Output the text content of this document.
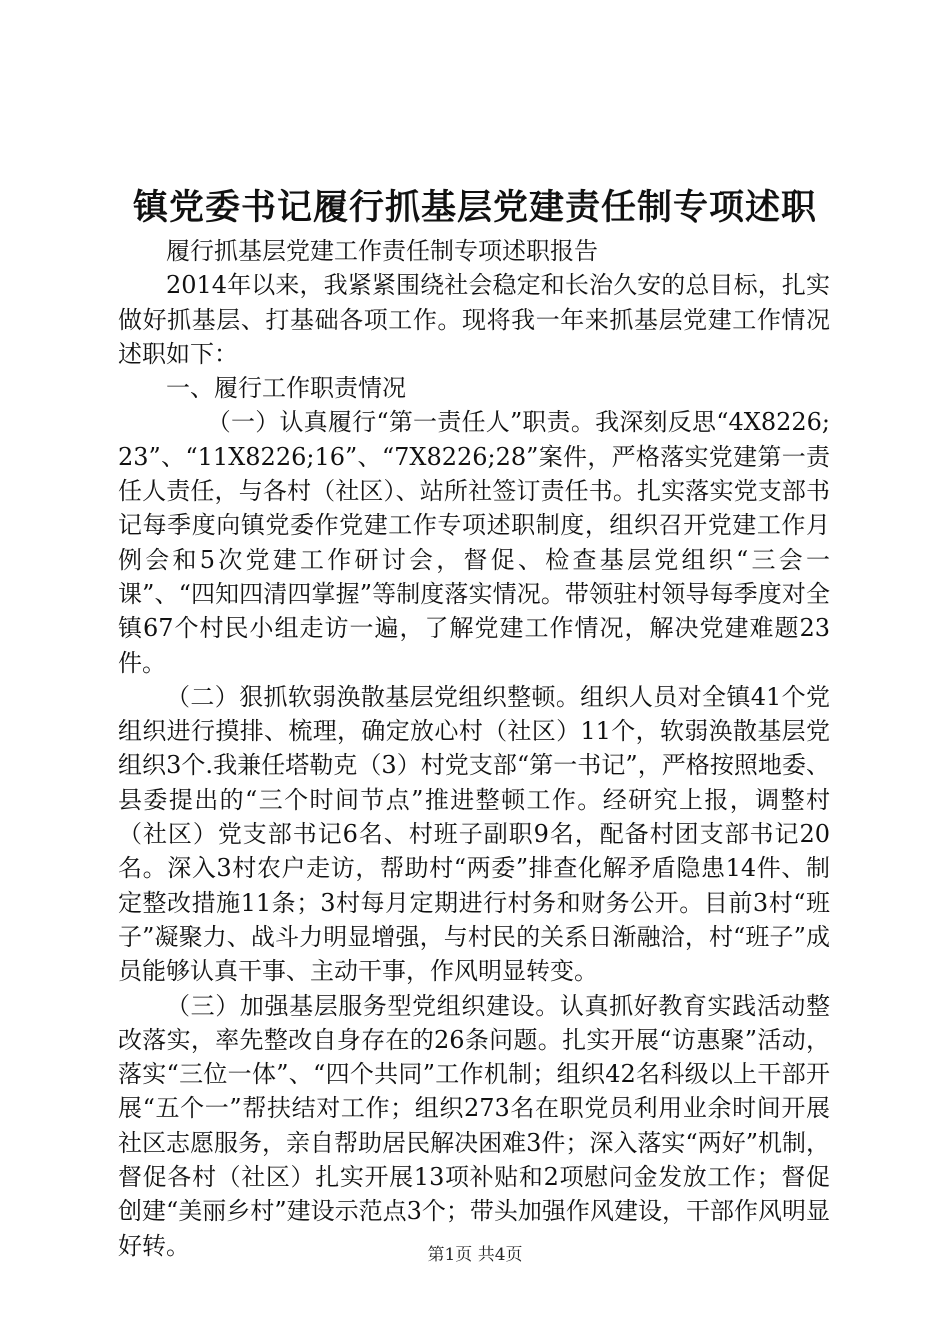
镇党委书记履行抓基层党建责任制专项述职

履行抓基层党建工作责任制专项述职报告

2014年以来，我紧紧围绕社会稳定和长治久安的总目标，扎实做好抓基层、打基础各项工作。现将我一年来抓基层党建工作情况述职如下：

一、履行工作职责情况

（一）认真履行“第一责任人”职责。我深刻反思“4X8226;23”、“11X8226;16”、“7X8226;28”案件，严格落实党建第一责任人责任，与各村（社区）、站所社签订责任书。扎实落实党支部书记每季度向镇党委作党建工作专项述职制度，组织召开党建工作月例会和5次党建工作研讨会，督促、检查基层党组织“三会一课”、“四知四清四掌握”等制度落实情况。带领驻村领导每季度对全镇67个村民小组走访一遍，了解党建工作情况，解决党建难题23件。

（二）狠抓软弱涣散基层党组织整顿。组织人员对全镇41个党组织进行摸排、梳理，确定放心村（社区）11个，软弱涣散基层党组织3个.我兼任塔勒克（3）村党支部“第一书记”，严格按照地委、县委提出的“三个时间节点”推进整顿工作。经研究上报，调整村（社区）党支部书记6名、村班子副职9名，配备村团支部书记20名。深入3村农户走访，帮助村“两委”排查化解矛盾隐患14件、制定整改措施11条；3村每月定期进行村务和财务公开。目前3村“班子”凝聚力、战斗力明显增强，与村民的关系日渐融洽，村“班子”成员能够认真干事、主动干事，作风明显转变。

（三）加强基层服务型党组织建设。认真抓好教育实践活动整改落实，率先整改自身存在的26条问题。扎实开展“访惠聚”活动，落实“三位一体”、“四个共同”工作机制；组织42名科级以上干部开展“五个一”帮扶结对工作；组织273名在职党员利用业余时间开展社区志愿服务，亲自帮助居民解决困难3件；深入落实“两好”机制，督促各村（社区）扎实开展13项补贴和2项慰问金发放工作；督促创建“美丽乡村”建设示范点3个；带头加强作风建设，干部作风明显好转。	第1页 共4页
